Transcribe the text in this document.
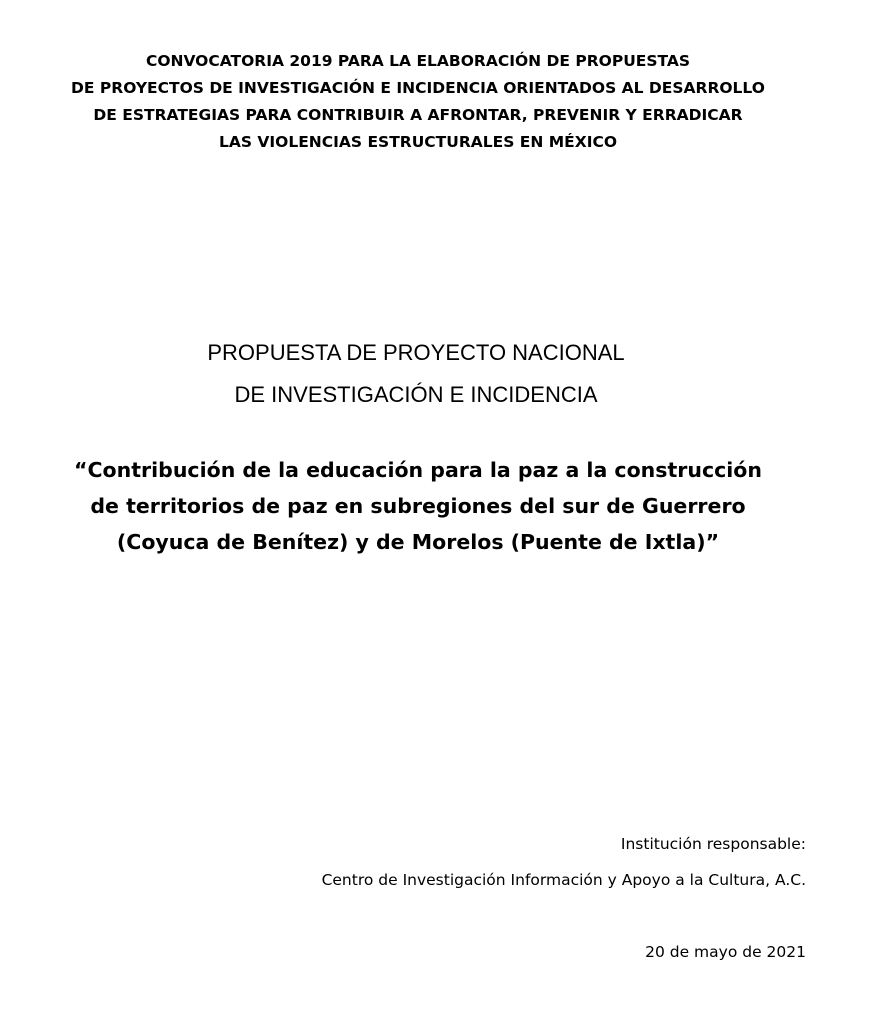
CONVOCATORIA 2019 PARA LA ELABORACIÓN DE PROPUESTAS
DE PROYECTOS DE INVESTIGACIÓN E INCIDENCIA ORIENTADOS AL DESARROLLO
DE ESTRATEGIAS PARA CONTRIBUIR A AFRONTAR, PREVENIR Y ERRADICAR
LAS VIOLENCIAS ESTRUCTURALES EN MÉXICO
PROPUESTA DE PROYECTO NACIONAL
DE INVESTIGACIÓN E INCIDENCIA
“Contribución de la educación para la paz a la construcción
de territorios de paz en subregiones del sur de Guerrero
(Coyuca de Benítez) y de Morelos (Puente de Ixtla)”
Institución responsable:
Centro de Investigación Información y Apoyo a la Cultura, A.C.
20 de mayo de 2021
